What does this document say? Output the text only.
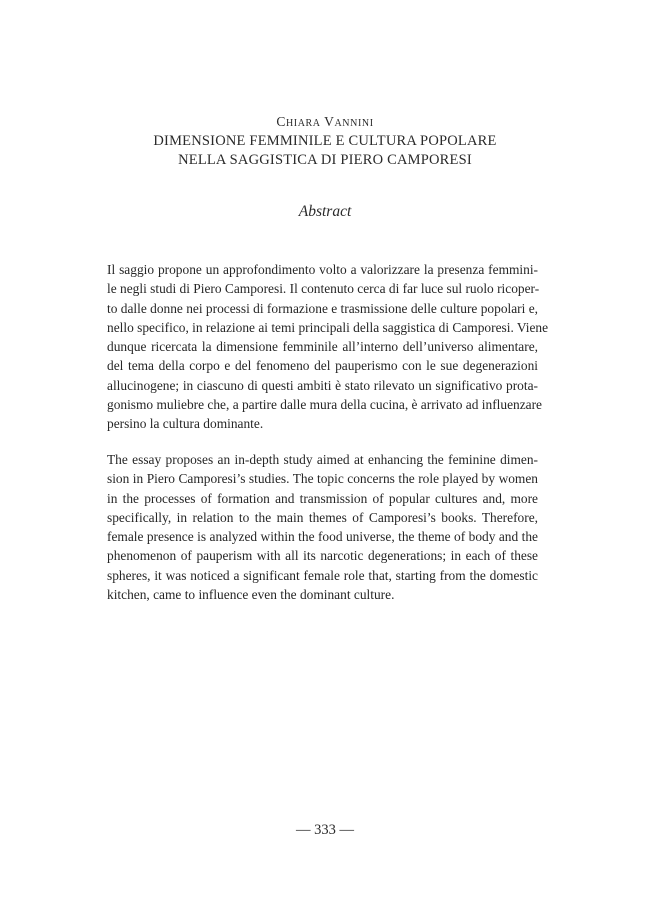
CHIARA VANNINI
DIMENSIONE FEMMINILE E CULTURA POPOLARE
NELLA SAGGISTICA DI PIERO CAMPORESI
Abstract
Il saggio propone un approfondimento volto a valorizzare la presenza femmini-
le negli studi di Piero Camporesi. Il contenuto cerca di far luce sul ruolo ricoper-
to dalle donne nei processi di formazione e trasmissione delle culture popolari e,
nello specifico, in relazione ai temi principali della saggistica di Camporesi. Viene
dunque ricercata la dimensione femminile all’interno dell’universo alimentare,
del tema della corpo e del fenomeno del pauperismo con le sue degenerazioni
allucinogene; in ciascuno di questi ambiti è stato rilevato un significativo prota-
gonismo muliebre che, a partire dalle mura della cucina, è arrivato ad influenzare
persino la cultura dominante.
The essay proposes an in-depth study aimed at enhancing the feminine dimen-
sion in Piero Camporesi’s studies. The topic concerns the role played by women
in the processes of formation and transmission of popular cultures and, more
specifically, in relation to the main themes of Camporesi’s books. Therefore,
female presence is analyzed within the food universe, the theme of body and the
phenomenon of pauperism with all its narcotic degenerations; in each of these
spheres, it was noticed a significant female role that, starting from the domestic
kitchen, came to influence even the dominant culture.
— 333 —
